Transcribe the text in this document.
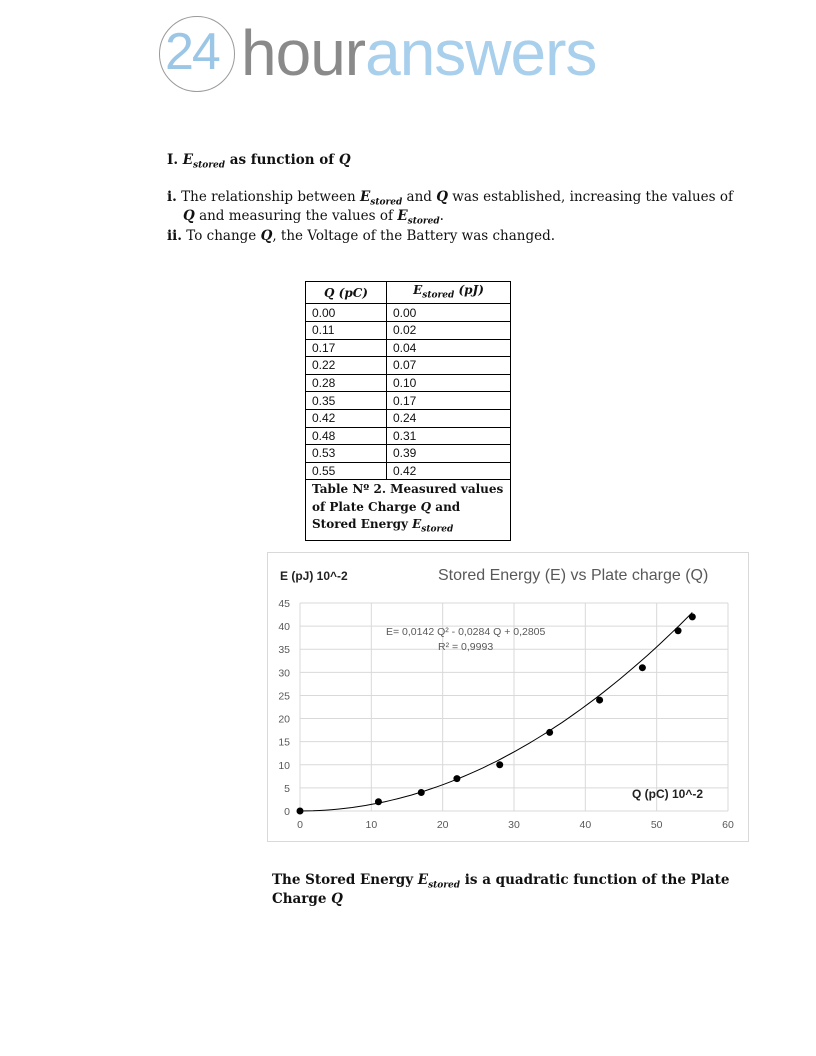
24 houranswers
I. $E_{stored}$ as function of Q
i. The relationship between $E_{stored}$ and Q was established, increasing the values of
Q and measuring the values of $E_{stored}$.
ii. To change Q, the Voltage of the Battery was changed.
Q (pC)	$E_{stored}$ (pJ)
0.00	0.00
0.11	0.02
0.17	0.04
0.22	0.07
0.28	0.10
0.35	0.17
0.42	0.24
0.48	0.31
0.53	0.39
0.55	0.42
Table Nº 2. Measured values of Plate Charge Q and Stored Energy $E_{stored}$
0
5
10
15
20
25
30
35
40
45
0	10	20	30	40	50	60
E (pJ) 10^-2	Stored Energy (E) vs Plate charge (Q)
E= 0,0142 Q² - 0,0284 Q + 0,2805
R² = 0,9993
Q (pC) 10^-2
The Stored Energy $E_{stored}$ is a quadratic function of the Plate
Charge Q
